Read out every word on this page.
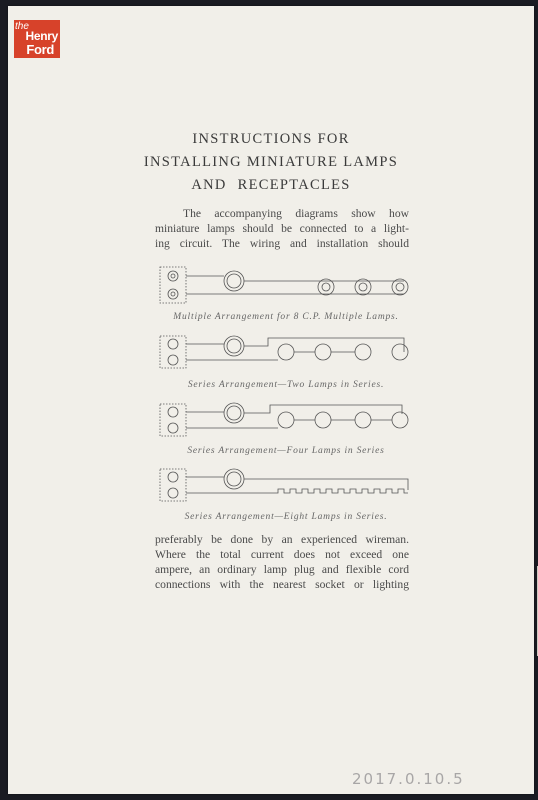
the
Henry
Ford
INSTRUCTIONS FOR
INSTALLING MINIATURE LAMPS
AND RECEPTACLES
The accompanying diagrams show how
miniature lamps should be connected to a light-
ing circuit. The wiring and installation should
Multiple Arrangement for 8 C.P. Multiple Lamps.
Series Arrangement—Two Lamps in Series.
Series Arrangement—Four Lamps in Series
Series Arrangement—Eight Lamps in Series.
preferably be done by an experienced wireman.
Where the total current does not exceed one
ampere, an ordinary lamp plug and flexible cord
connections with the nearest socket or lighting
2017.0.10.5
